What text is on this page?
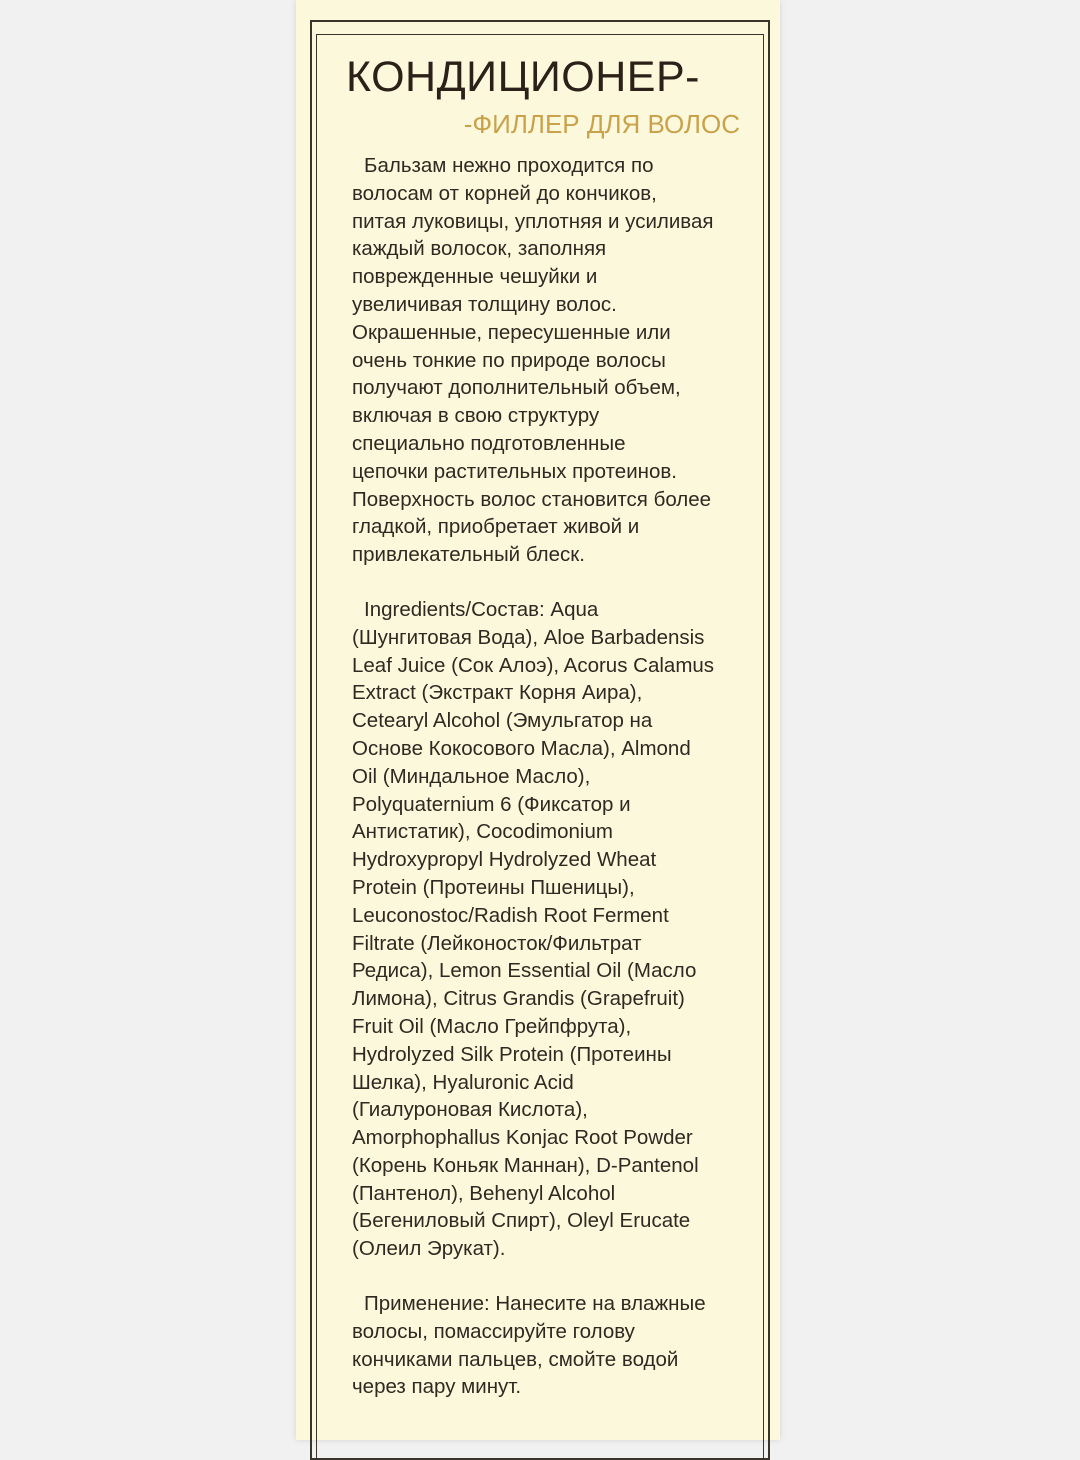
КОНДИЦИОНЕР-

-ФИЛЛЕР ДЛЯ ВОЛОС

Бальзам нежно проходится по
волосам от корней до кончиков,
питая луковицы, уплотняя и усиливая
каждый волосок, заполняя
поврежденные чешуйки и
увеличивая толщину волос.
Окрашенные, пересушенные или
очень тонкие по природе волосы
получают дополнительный объем,
включая в свою структуру
специально подготовленные
цепочки растительных протеинов.
Поверхность волос становится более
гладкой, приобретает живой и
привлекательный блеск.

Ingredients/Состав: Aqua
(Шунгитовая Вода), Aloe Barbadensis
Leaf Juice (Сок Алоэ), Acorus Calamus
Extract (Экстракт Корня Аира),
Cetearyl Alcohol (Эмульгатор на
Основе Кокосового Масла), Almond
Oil (Миндальное Масло),
Polyquaternium 6 (Фиксатор и
Антистатик), Cocodimonium
Hydroxypropyl Hydrolyzed Wheat
Protein (Протеины Пшеницы),
Leuconostoc/Radish Root Ferment
Filtrate (Лейконосток/Фильтрат
Редиса), Lemon Essential Oil (Масло
Лимона), Citrus Grandis (Grapefruit)
Fruit Oil (Масло Грейпфрута),
Hydrolyzed Silk Protein (Протеины
Шелка), Hyaluronic Acid
(Гиалуроновая Кислота),
Amorphophallus Konjac Root Powder
(Корень Коньяк Маннан), D-Pantenol
(Пантенол), Behenyl Alcohol
(Бегениловый Спирт), Oleyl Erucate
(Олеил Эрукат).

Применение: Нанесите на влажные
волосы, помассируйте голову
кончиками пальцев, смойте водой
через пару минут.
